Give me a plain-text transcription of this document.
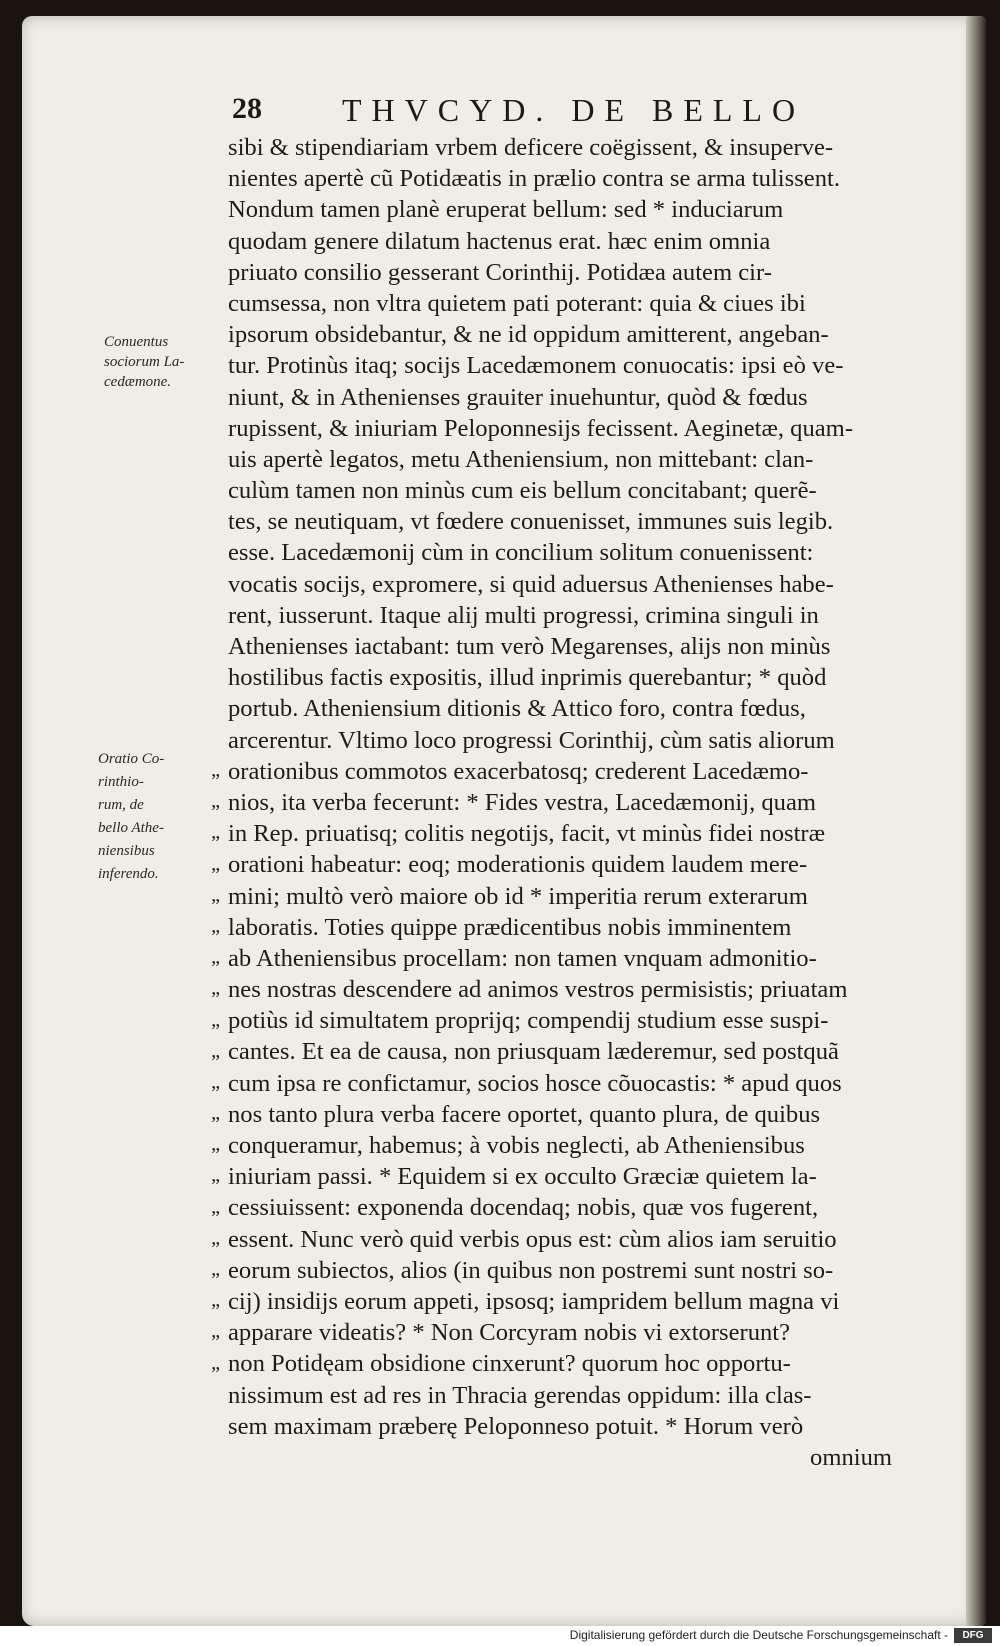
28	THVCYD. DE BELLO
Conuentus
sociorum La-
cedæmone.
Oratio Co-
rinthio-
rum, de
bello Athe-
niensibus
inferendo.
„
„
„
„
„
„
„
„
„
„
„
„
„
„
„
„
„
„
„
„
sibi & stipendiariam vrbem deficere coëgissent, & insuperve-
nientes apertè cũ Potidæatis in prælio contra se arma tulissent.
Nondum tamen planè eruperat bellum: sed * induciarum
quodam genere dilatum hactenus erat. hæc enim omnia
priuato consilio gesserant Corinthij. Potidæa autem cir-
cumsessa, non vltra quietem pati poterant: quia & ciues ibi
ipsorum obsidebantur, & ne id oppidum amitterent, angeban-
tur. Protinùs itaq; socijs Lacedæmonem conuocatis: ipsi eò ve-
niunt, & in Athenienses grauiter inuehuntur, quòd & fœdus
rupissent, & iniuriam Peloponnesijs fecissent. Aeginetæ, quam-
uis apertè legatos, metu Atheniensium, non mittebant: clan-
culùm tamen non minùs cum eis bellum concitabant; querẽ-
tes, se neutiquam, vt fœdere conuenisset, immunes suis legib.
esse. Lacedæmonij cùm in concilium solitum conuenissent:
vocatis socijs, expromere, si quid aduersus Athenienses habe-
rent, iusserunt. Itaque alij multi progressi, crimina singuli in
Athenienses iactabant: tum verò Megarenses, alijs non minùs
hostilibus factis expositis, illud inprimis querebantur; * quòd
portub. Atheniensium ditionis & Attico foro, contra fœdus,
arcerentur. Vltimo loco progressi Corinthij, cùm satis aliorum
orationibus commotos exacerbatosq; crederent Lacedæmo-
nios, ita verba fecerunt: * Fides vestra, Lacedæmonij, quam
in Rep. priuatisq; colitis negotijs, facit, vt minùs fidei nostræ
orationi habeatur: eoq; moderationis quidem laudem mere-
mini; multò verò maiore ob id * imperitia rerum exterarum
laboratis. Toties quippe prædicentibus nobis imminentem
ab Atheniensibus procellam: non tamen vnquam admonitio-
nes nostras descendere ad animos vestros permisistis; priuatam
potiùs id simultatem proprijq; compendij studium esse suspi-
cantes. Et ea de causa, non priusquam læderemur, sed postquã
cum ipsa re confictamur, socios hosce cõuocastis: * apud quos
nos tanto plura verba facere oportet, quanto plura, de quibus
conqueramur, habemus; à vobis neglecti, ab Atheniensibus
iniuriam passi. * Equidem si ex occulto Græciæ quietem la-
cessiuissent: exponenda docendaq; nobis, quæ vos fugerent,
essent. Nunc verò quid verbis opus est: cùm alios iam seruitio
eorum subiectos, alios (in quibus non postremi sunt nostri so-
cij) insidijs eorum appeti, ipsosq; iampridem bellum magna vi
apparare videatis? * Non Corcyram nobis vi extorserunt?
non Potidęam obsidione cinxerunt? quorum hoc opportu-
nissimum est ad res in Thracia gerendas oppidum: illa clas-
sem maximam præberę Peloponneso potuit. * Horum verò
omnium
Digitalisierung gefördert durch die Deutsche Forschungsgemeinschaft -	DFG
